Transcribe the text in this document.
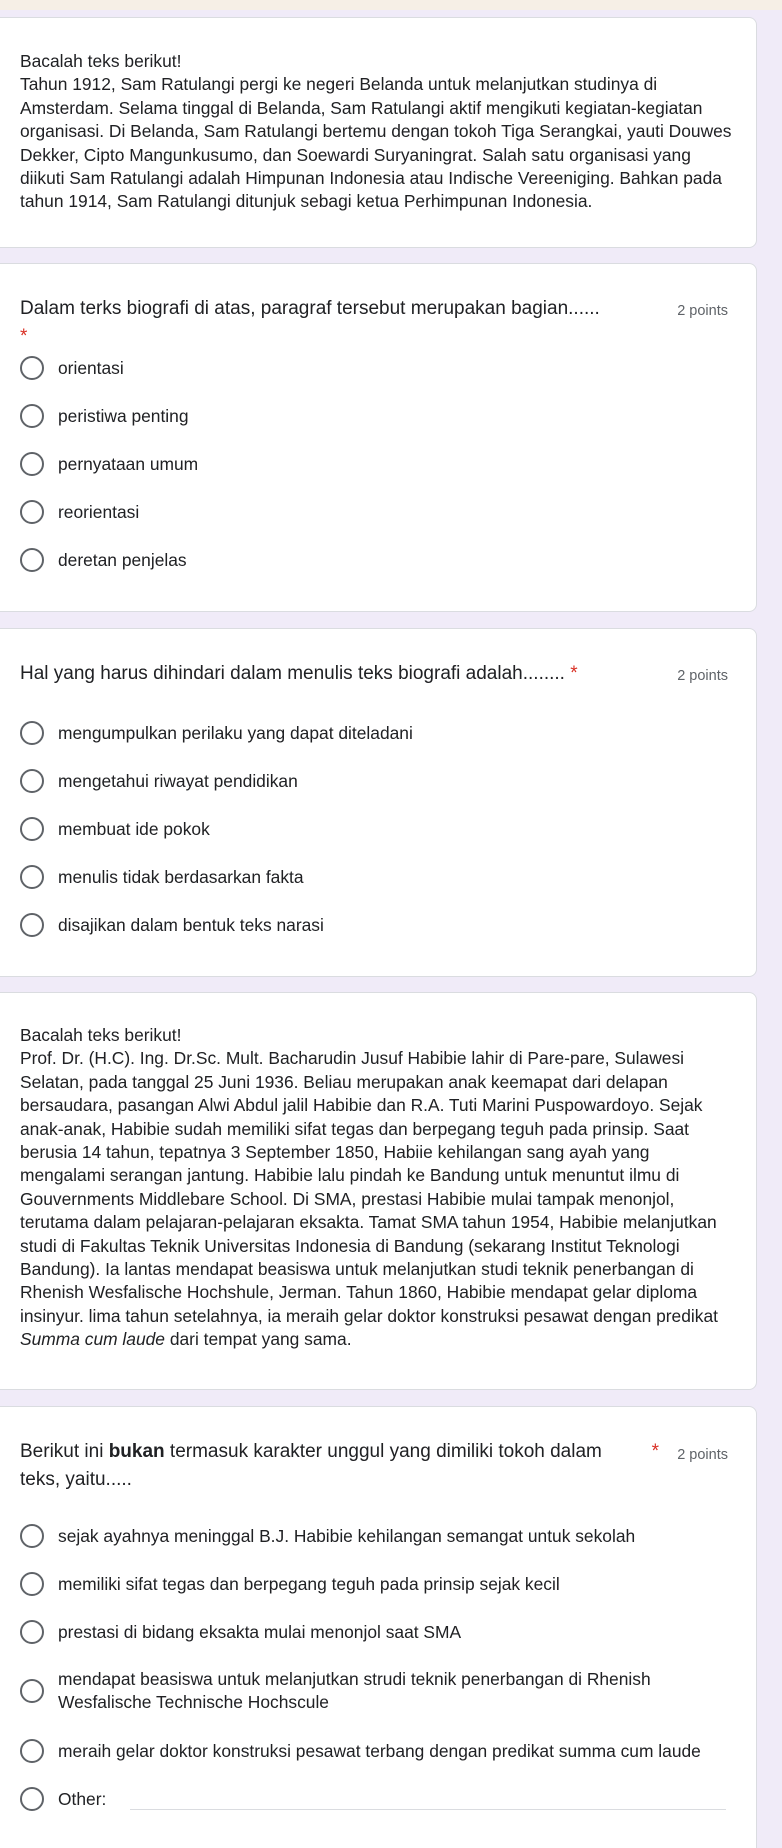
Bacalah teks berikut!

Tahun 1912, Sam Ratulangi pergi ke negeri Belanda untuk melanjutkan studinya di Amsterdam. Selama tinggal di Belanda, Sam Ratulangi aktif mengikuti kegiatan-kegiatan organisasi. Di Belanda, Sam Ratulangi bertemu dengan tokoh Tiga Serangkai, yauti Douwes Dekker, Cipto Mangunkusumo, dan Soewardi Suryaningrat. Salah satu organisasi yang diikuti Sam Ratulangi adalah Himpunan Indonesia atau Indische Vereeniging. Bahkan pada tahun 1914, Sam Ratulangi ditunjuk sebagi ketua Perhimpunan Indonesia.

Dalam terks biografi di atas, paragraf tersebut merupakan bagian...... *
2 points
orientasi
peristiwa penting
pernyataan umum
reorientasi
deretan penjelas
Hal yang harus dihindari dalam menulis teks biografi adalah........ *	2 points
mengumpulkan perilaku yang dapat diteladani
mengetahui riwayat pendidikan
membuat ide pokok
menulis tidak berdasarkan fakta
disajikan dalam bentuk teks narasi

Bacalah teks berikut!

Prof. Dr. (H.C). Ing. Dr.Sc. Mult. Bacharudin Jusuf Habibie lahir di Pare-pare, Sulawesi Selatan, pada tanggal 25 Juni 1936. Beliau merupakan anak keemapat dari delapan bersaudara, pasangan Alwi Abdul jalil Habibie dan R.A. Tuti Marini Puspowardoyo. Sejak anak-anak, Habibie sudah memiliki sifat tegas dan berpegang teguh pada prinsip. Saat berusia 14 tahun, tepatnya 3 September 1850, Habiie kehilangan sang ayah yang mengalami serangan jantung. Habibie lalu pindah ke Bandung untuk menuntut ilmu di Gouvernments Middlebare School. Di SMA, prestasi Habibie mulai tampak menonjol, terutama dalam pelajaran-pelajaran eksakta. Tamat SMA tahun 1954, Habibie melanjutkan studi di Fakultas Teknik Universitas Indonesia di Bandung (sekarang Institut Teknologi Bandung). Ia lantas mendapat beasiswa untuk melanjutkan studi teknik penerbangan di Rhenish Wesfalische Hochshule, Jerman. Tahun 1860, Habibie mendapat gelar diploma insinyur. lima tahun setelahnya, ia meraih gelar doktor konstruksi pesawat dengan predikat Summa cum laude dari tempat yang sama.

Berikut ini bukan termasuk karakter unggul yang dimiliki tokoh dalam teks, yaitu.....
* 2 points
sejak ayahnya meninggal B.J. Habibie kehilangan semangat untuk sekolah
memiliki sifat tegas dan berpegang teguh pada prinsip sejak kecil
prestasi di bidang eksakta mulai menonjol saat SMA
mendapat beasiswa untuk melanjutkan strudi teknik penerbangan di Rhenish Wesfalische Technische Hochscule
meraih gelar doktor konstruksi pesawat terbang dengan predikat summa cum laude
Other:
